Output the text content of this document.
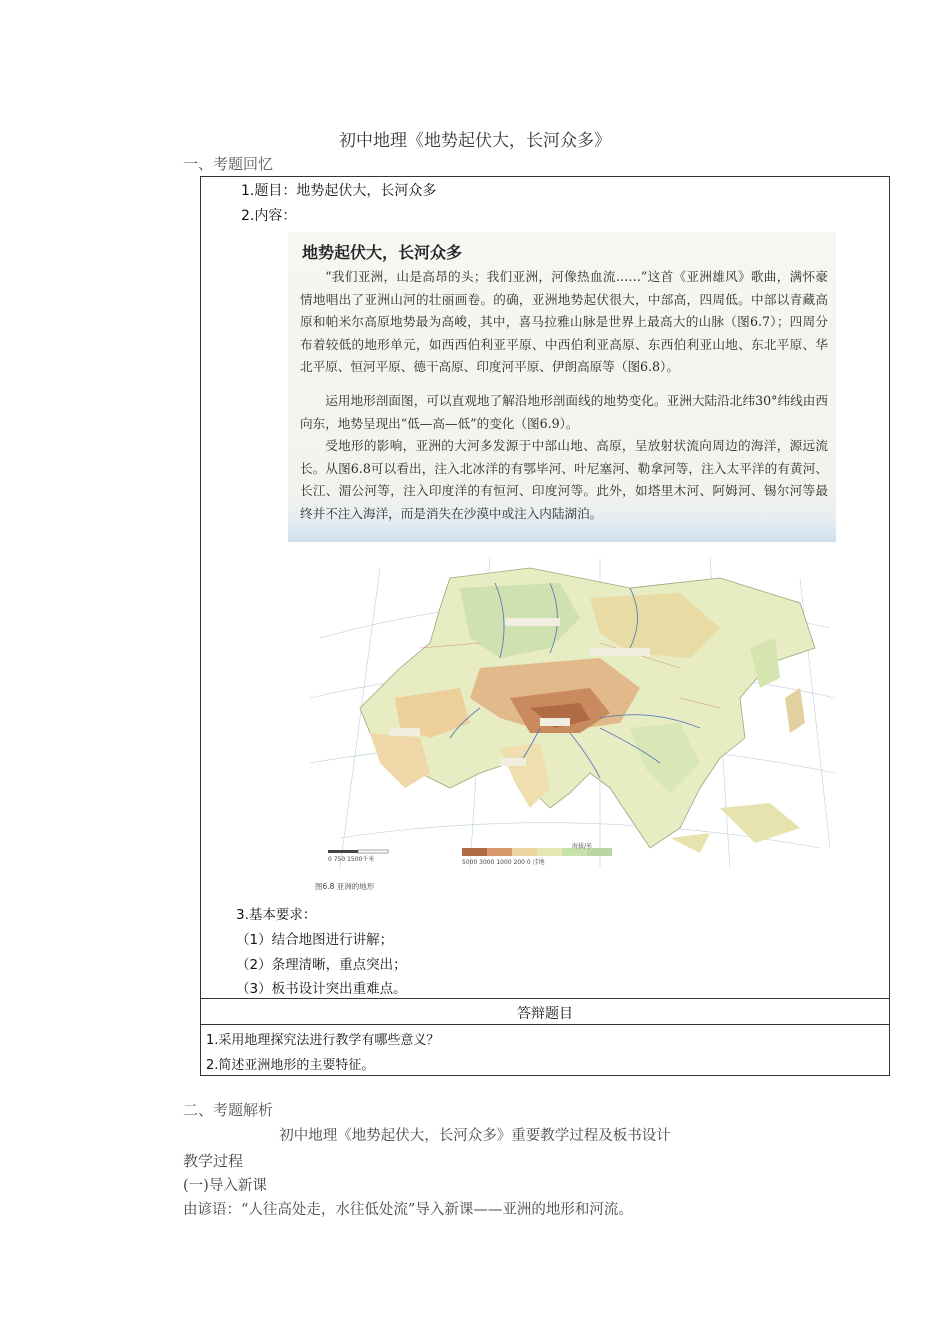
初中地理《地势起伏大，长河众多》
一、考题回忆
1.题目：地势起伏大，长河众多
2.内容：
地势起伏大，长河众多
“我们亚洲，山是高昂的头；我们亚洲，河像热血流……”这首《亚洲雄风》歌曲，满怀豪情地唱出了亚洲山河的壮丽画卷。的确，亚洲地势起伏很大，中部高，四周低。中部以青藏高原和帕米尔高原地势最为高峻，其中，喜马拉雅山脉是世界上最高大的山脉（图6.7）；四周分布着较低的地形单元，如西西伯利亚平原、中西伯利亚高原、东西伯利亚山地、东北平原、华北平原、恒河平原、德干高原、印度河平原、伊朗高原等（图6.8）。
运用地形剖面图，可以直观地了解沿地形剖面线的地势变化。亚洲大陆沿北纬30°纬线由西向东，地势呈现出“低—高—低”的变化（图6.9）。
受地形的影响，亚洲的大河多发源于中部山地、高原，呈放射状流向周边的海洋，源远流长。从图6.8可以看出，注入北冰洋的有鄂毕河、叶尼塞河、勒拿河等，注入太平洋的有黄河、长江、湄公河等，注入印度洋的有恒河、印度河等。此外，如塔里木河、阿姆河、锡尔河等最终并不注入海洋，而是消失在沙漠中或注入内陆湖泊。
0 750 1500千米
海拔/米
5000 3000 1000 200 0 洼地
图6.8 亚洲的地形
3.基本要求：
（1）结合地图进行讲解；
（2）条理清晰，重点突出；
（3）板书设计突出重难点。
答辩题目
1.采用地理探究法进行教学有哪些意义？
2.简述亚洲地形的主要特征。
二、考题解析
初中地理《地势起伏大，长河众多》重要教学过程及板书设计
教学过程
(一)导入新课
由谚语：“人往高处走，水往低处流”导入新课——亚洲的地形和河流。
